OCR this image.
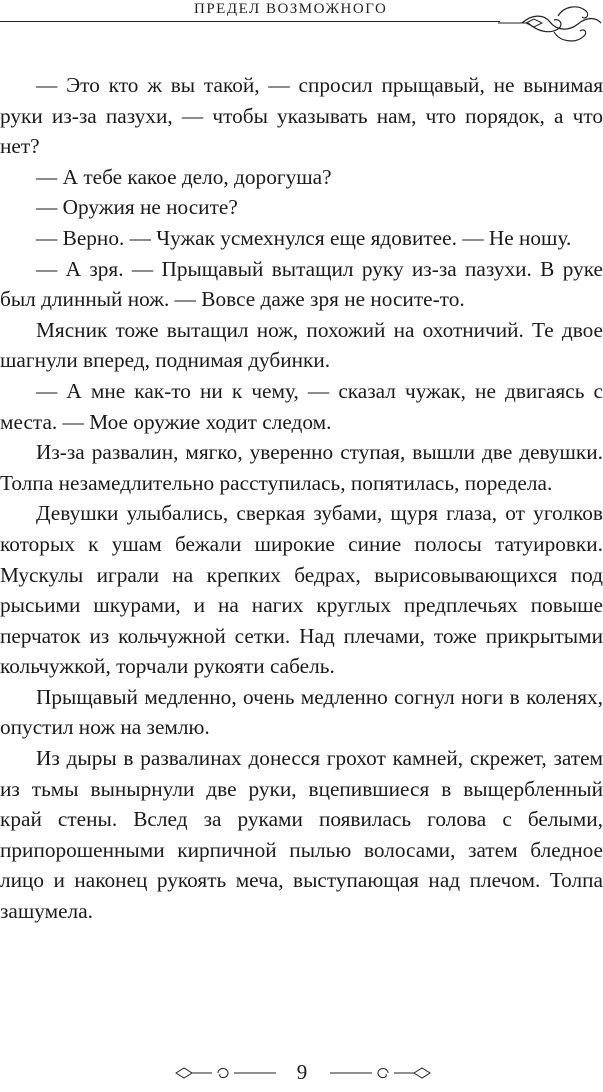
ПРЕДЕЛ ВОЗМОЖНОГО

— Это кто ж вы такой, — спросил прыщавый, не вынимая руки из-за пазухи, — чтобы указывать нам, что порядок, а что нет?

— А тебе какое дело, дорогуша?

— Оружия не носите?

— Верно. — Чужак усмехнулся еще ядовитее. — Не ношу.

— А зря. — Прыщавый вытащил руку из-за пазухи. В руке был длинный нож. — Вовсе даже зря не носите-то.

Мясник тоже вытащил нож, похожий на охотничий. Те двое шагнули вперед, поднимая дубинки.

— А мне как-то ни к чему, — сказал чужак, не двигаясь с места. — Мое оружие ходит следом.

Из-за развалин, мягко, уверенно ступая, вышли две девушки. Толпа незамедлительно расступилась, попятилась, поредела.

Девушки улыбались, сверкая зубами, щуря глаза, от уголков которых к ушам бежали широкие синие полосы татуировки. Мускулы играли на крепких бедрах, вырисовывающихся под рысьими шкурами, и на нагих круглых предплечьях повыше перчаток из кольчужной сетки. Над плечами, тоже прикрытыми кольчужкой, торчали рукояти сабель.

Прыщавый медленно, очень медленно согнул ноги в коленях, опустил нож на землю.

Из дыры в развалинах донесся грохот камней, скрежет, затем из тьмы вынырнули две руки, вцепившиеся в выщербленный край стены. Вслед за руками появилась голова с белыми, припорошенными кирпичной пылью волосами, затем бледное лицо и наконец рукоять меча, выступающая над плечом. Толпа зашумела.

9
